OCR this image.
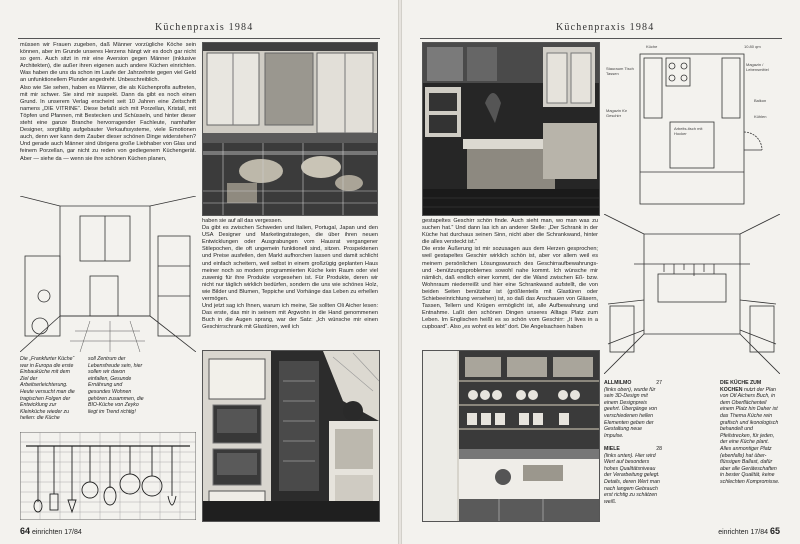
Küchenpraxis 1984

müssen wir Frauen zugeben, daß Männer vorzügliche Köche sein können, aber im Grunde unseres Herzens hängt wir es doch gar nicht so gern. Auch sitzt in mir eine Aversion gegen Männer (inklusive Architekten), die außer ihren eigenen auch andere Küchen einrichten. Was haben die uns da schon im Laufe der Jahrzehnte gegen viel Geld an unfunktionellem Plunder angedreht. Unbeschreiblich.
Also wie Sie sehen, haben es Männer, die als Küchenprofis auftreten, mit mir schwer. Sie sind mir suspekt. Dann da gibt es noch einen Grund. In unserem Verlag erscheint seit 10 Jahren eine Zeitschrift namens „DIE VITRINE“. Diese befaßt sich mit Porzellan, Kristall, mit Töpfen und Pfannen, mit Bestecken und Schüsseln, und hinter dieser steht eine ganze Branche hervorragender Fachleute, namhafter Designer, sorgfältig aufgebauter Verkaufssysteme, viele Emotionen auch, denn wer kann dem Zauber dieser schönen Dinge widerstehen? Und gerade auch Männer sind übrigens große Liebhaber von Glas und feinem Porzellan, gar nicht zu reden von gediegenem Küchengerät. Aber — siehe da — wenn sie ihre schönen Küchen planen,

Die „Frankfurter Küche“ war in Europa die erste Einbauküche mit dem Ziel der Arbeitserleichterung. Heute versucht man die tragischen Folgen der Entwicklung zur Kleinküche wieder zu heilen: die Küche
soll Zentrum der Lebensfreude sein, hier sollen wir davon einfallen, Gesunde Ernährung und gesundes Wohnen gehören zusammen, die BIO-Küche von Zeyko liegt im Trend richtig!

haben sie auf all das vergessen.
Da gibt es zwischen Schweden und Italien, Portugal, Japan und den USA Designer und Marketingstrategen, die über ihren neuen Entwicklungen oder Ausgrabungen vom Hausrat vergangener Stilepochen, die oft ungemein funktionell sind, sitzen. Prospektenen und Preise ausfeilen, den Markt aufhorchen lassen und damit schlicht und einfach scheitern, weil selbst in einem großzügig geplanten Haus meiner noch so modern programmierten Küche kein Raum oder viel zuwenig für ihre Produkte vorgesehen ist. Für Produkte, deren wir nicht nur täglich wirklich bedürfen, sondern die uns wie schönes Holz, wie Bilder und Blumen, Teppiche und Vorhänge das Leben zu erhellen vermögen.
Und jetzt sag ich Ihnen, warum ich meine, Sie sollten Oli Aicher lesen: Das erste, das mir in seinem mit Argwohn in die Hand genommenen Buch in die Augen sprang, war der Satz: „Ich wünsche mir einen Geschirrschrank mit Glastüren, weil ich

64 einrichten 17/84
Küchenpraxis 1984
Küche	10.80 qm
Stauraum Tisch Tassen
Magazin / Lebensmittel
Magazin für Geschirr
Arbeits-tisch mit Hocker
Balkon
Kühlen

gestapeltes Geschirr schön finde. Auch sieht man, wo man was zu suchen hat.“ Und dann las ich an anderer Stelle: „Der Schrank in der Küche hat durchaus seinen Sinn, nicht aber die Schrankwand, hinter die alles versteckt ist.“
Die erste Äußerung ist mir sozusagen aus dem Herzen gesprochen; weil gestapeltes Geschirr wirklich schön ist, aber vor allem weil es meinem persönlichen Lösungswunsch des Geschirraufbewahrungs- und -benützungsproblemes sowohl nahe kommt. Ich wünsche mir nämlich, daß endlich einer kommt, der die Wand zwischen Eß- bzw. Wohnraum niederreißt und hier eine Schrankwand aufstellt, die von beiden Seiten benützbar ist (größtenteils mit Glastüren oder Schiebeeinrichtung versehen) ist, so daß das Anschauen von Gläsern, Tassen, Tellern und Krügen ermöglicht ist, alle Aufbewahrung und Entnahme. Laßt den schönen Dingen unseres Alltags Platz zum Leben. Im Englischen heißt es so schön vom Geschirr: „It lives in a cupboard“. Also „es wohnt es lebt“ dort. Die Angelsachsen haben

ALLMILMO	27

(links oben), wurde für sein 3D-Design mit einem Designpreis geehrt. Übergänge von verschiedenen hellen Elementen geben der Gestaltung neue Impulse.

MIELE	28

(links unten). Hier wird Wert auf besonders hohes Qualitätsniveau der Verarbeitung gelegt. Details, deren Wert man nach langem Gebrauch erst richtig zu schätzen weiß.
DIE KÜCHE ZUM KOCHEN nutzt der Plan von Otl Aichers Buch, in dem Oberflächenteil einem Platz hin Daher ist das Thema Küche rein grafisch und ikonologisch behandelt und Pfeilstrecken, für jeden, der eine Küche plant. Alles anmontiger Platz (ebenfalls) hat über-flüssigen Ballast, dafür aber alle Geräteschaften in bester Qualität, keine schlechten Kompromisse.
einrichten 17/84 65
